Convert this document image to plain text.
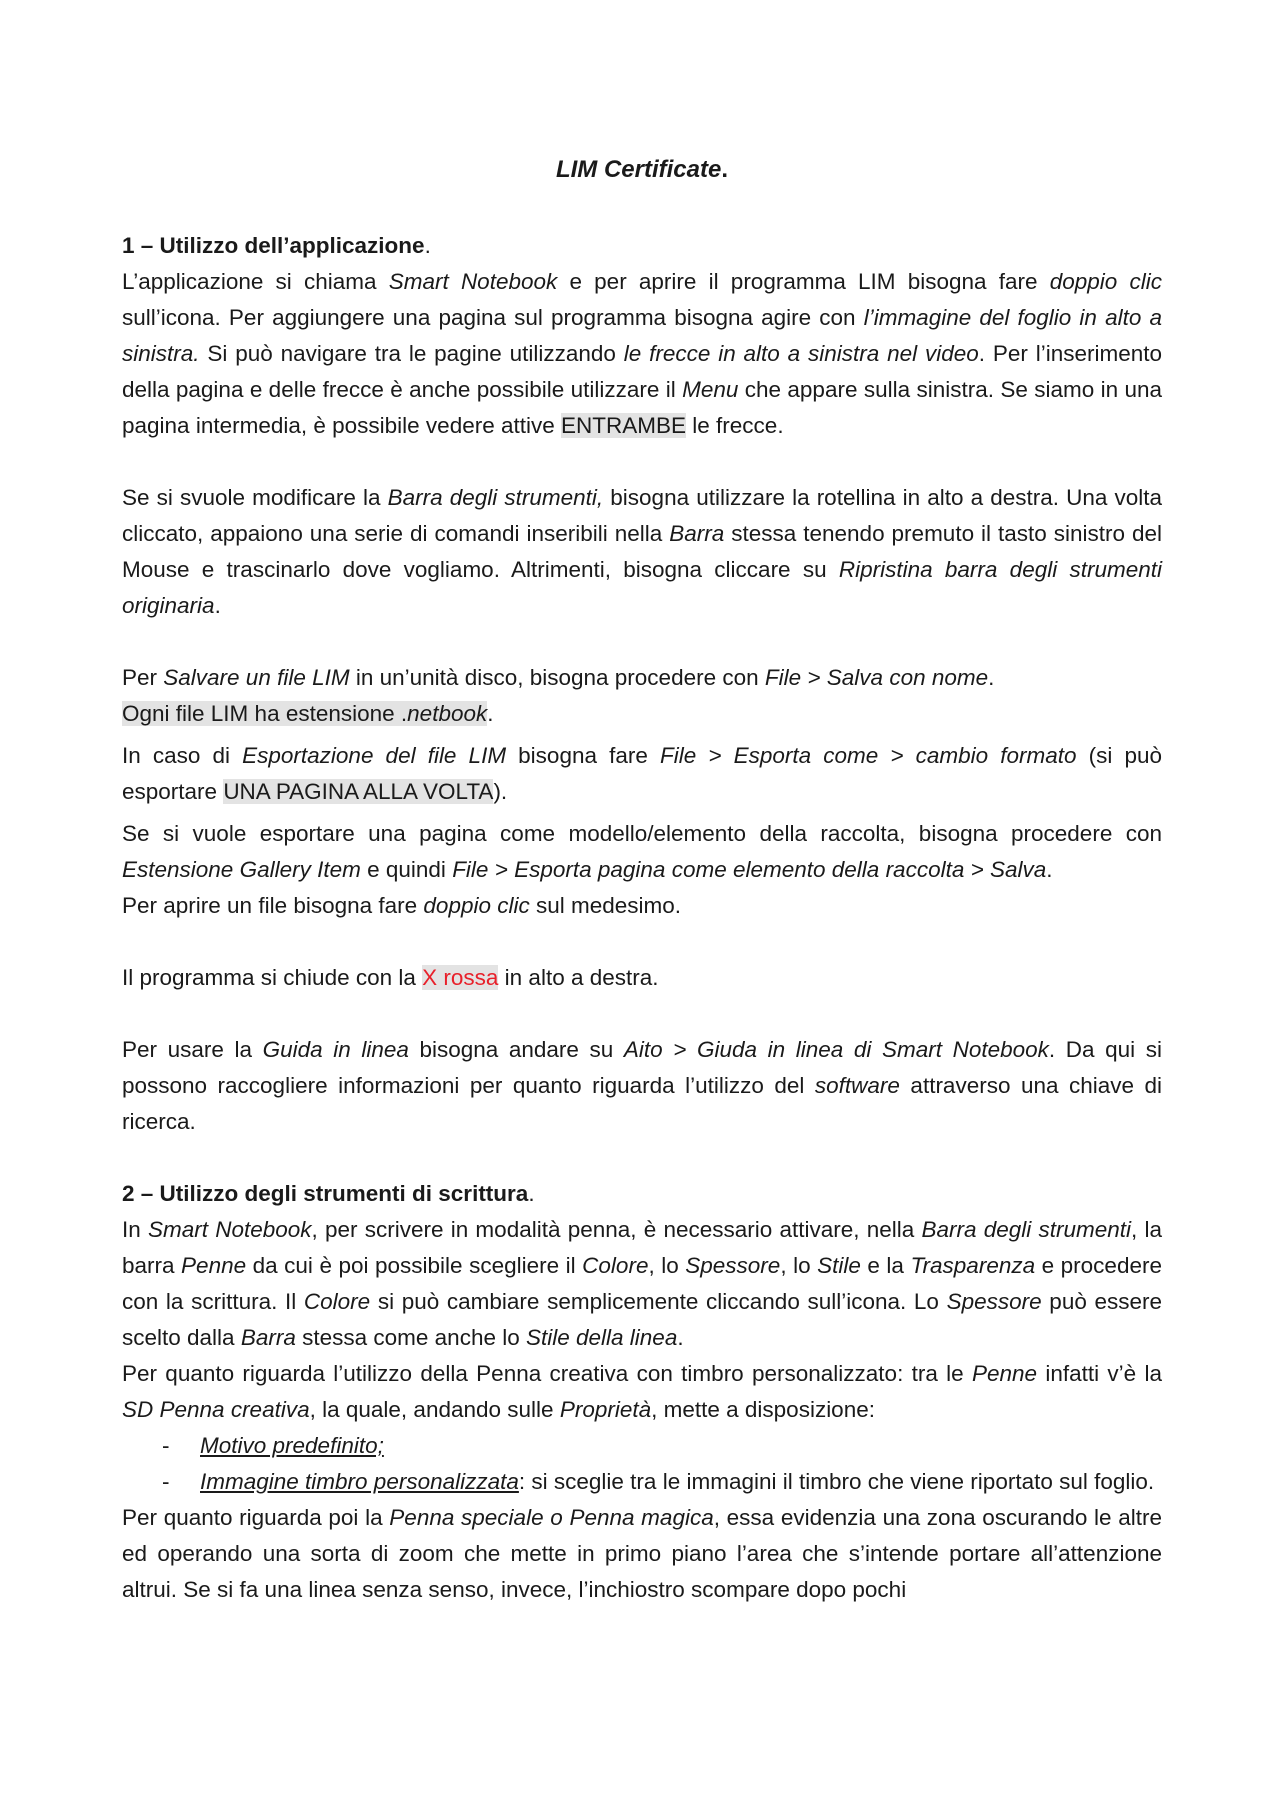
LIM Certificate.

1 – Utilizzo dell’applicazione.

L’applicazione si chiama Smart Notebook e per aprire il programma LIM bisogna fare doppio clic sull’icona. Per aggiungere una pagina sul programma bisogna agire con l’immagine del foglio in alto a sinistra. Si può navigare tra le pagine utilizzando le frecce in alto a sinistra nel video. Per l’inserimento della pagina e delle frecce è anche possibile utilizzare il Menu che appare sulla sinistra. Se siamo in una pagina intermedia, è possibile vedere attive ENTRAMBE le frecce.

Se si svuole modificare la Barra degli strumenti, bisogna utilizzare la rotellina in alto a destra. Una volta cliccato, appaiono una serie di comandi inseribili nella Barra stessa tenendo premuto il tasto sinistro del Mouse e trascinarlo dove vogliamo. Altrimenti, bisogna cliccare su Ripristina barra degli strumenti originaria.

Per Salvare un file LIM in un’unità disco, bisogna procedere con File > Salva con nome.

Ogni file LIM ha estensione .netbook.

In caso di Esportazione del file LIM bisogna fare File > Esporta come > cambio formato (si può esportare UNA PAGINA ALLA VOLTA).

Se si vuole esportare una pagina come modello/elemento della raccolta, bisogna procedere con Estensione Gallery Item e quindi File > Esporta pagina come elemento della raccolta > Salva.

Per aprire un file bisogna fare doppio clic sul medesimo.

Il programma si chiude con la X rossa in alto a destra.

Per usare la Guida in linea bisogna andare su Aito > Giuda in linea di Smart Notebook. Da qui si possono raccogliere informazioni per quanto riguarda l’utilizzo del software attraverso una chiave di ricerca.

2 – Utilizzo degli strumenti di scrittura.

In Smart Notebook, per scrivere in modalità penna, è necessario attivare, nella Barra degli strumenti, la barra Penne da cui è poi possibile scegliere il Colore, lo Spessore, lo Stile e la Trasparenza e procedere con la scrittura. Il Colore si può cambiare semplicemente cliccando sull’icona. Lo Spessore può essere scelto dalla Barra stessa come anche lo Stile della linea.

Per quanto riguarda l’utilizzo della Penna creativa con timbro personalizzato: tra le Penne infatti v’è la SD Penna creativa, la quale, andando sulle Proprietà, mette a disposizione:

- Motivo predefinito;
- Immagine timbro personalizzata: si sceglie tra le immagini il timbro che viene riportato sul foglio.

Per quanto riguarda poi la Penna speciale o Penna magica, essa evidenzia una zona oscurando le altre ed operando una sorta di zoom che mette in primo piano l’area che s’intende portare all’attenzione altrui. Se si fa una linea senza senso, invece, l’inchiostro scompare dopo pochi
